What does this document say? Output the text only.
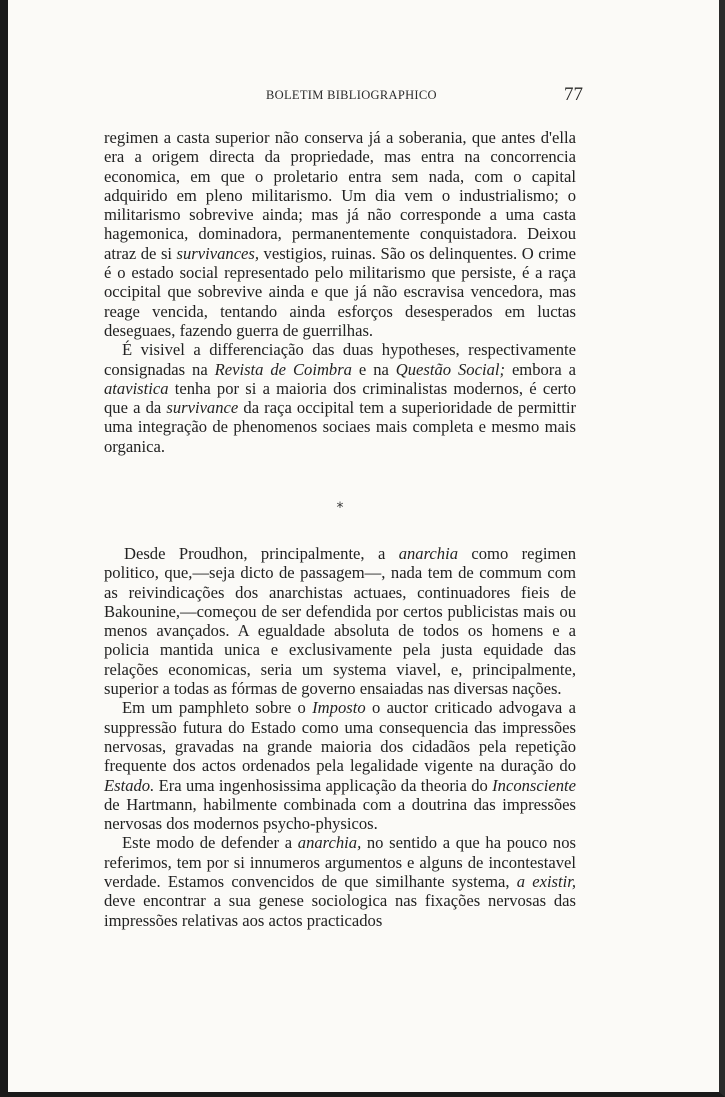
BOLETIM BIBLIOGRAPHICO	77

regimen a casta superior não conserva já a soberania, que antes d'ella era a origem directa da propriedade, mas entra na concorrencia economica, em que o proletario entra sem nada, com o capital adquirido em pleno militarismo. Um dia vem o industrialismo; o militarismo sobrevive ainda; mas já não corresponde a uma casta hagemonica, dominadora, permanentemente conquistadora. Deixou atraz de si survivances, vestigios, ruinas. São os delinquentes. O crime é o estado social representado pelo militarismo que persiste, é a raça occipital que sobrevive ainda e que já não escravisa vencedora, mas reage vencida, tentando ainda esforços desesperados em luctas deseguaes, fazendo guerra de guerrilhas.

É visivel a differenciação das duas hypotheses, respectivamente consignadas na Revista de Coimbra e na Questão Social; embora a atavistica tenha por si a maioria dos criminalistas modernos, é certo que a da survivance da raça occipital tem a superioridade de permittir uma integração de phenomenos sociaes mais completa e mesmo mais organica.

*

Desde Proudhon, principalmente, a anarchia como regimen politico, que,—seja dicto de passagem—, nada tem de commum com as reivindicações dos anarchistas actuaes, continuadores fieis de Bakounine,—começou de ser defendida por certos publicistas mais ou menos avançados. A egualdade absoluta de todos os homens e a policia mantida unica e exclusivamente pela justa equidade das relações economicas, seria um systema viavel, e, principalmente, superior a todas as fórmas de governo ensaiadas nas diversas nações.

Em um pamphleto sobre o Imposto o auctor criticado advogava a suppressão futura do Estado como uma consequencia das impressões nervosas, gravadas na grande maioria dos cidadãos pela repetição frequente dos actos ordenados pela legalidade vigente na duração do Estado. Era uma ingenhosissima applicação da theoria do Inconsciente de Hartmann, habilmente combinada com a doutrina das impressões nervosas dos modernos psycho-physicos.

Este modo de defender a anarchia, no sentido a que ha pouco nos referimos, tem por si innumeros argumentos e alguns de incontestavel verdade. Estamos convencidos de que similhante systema, a existir, deve encontrar a sua genese sociologica nas fixações nervosas das impressões relativas aos actos practicados
